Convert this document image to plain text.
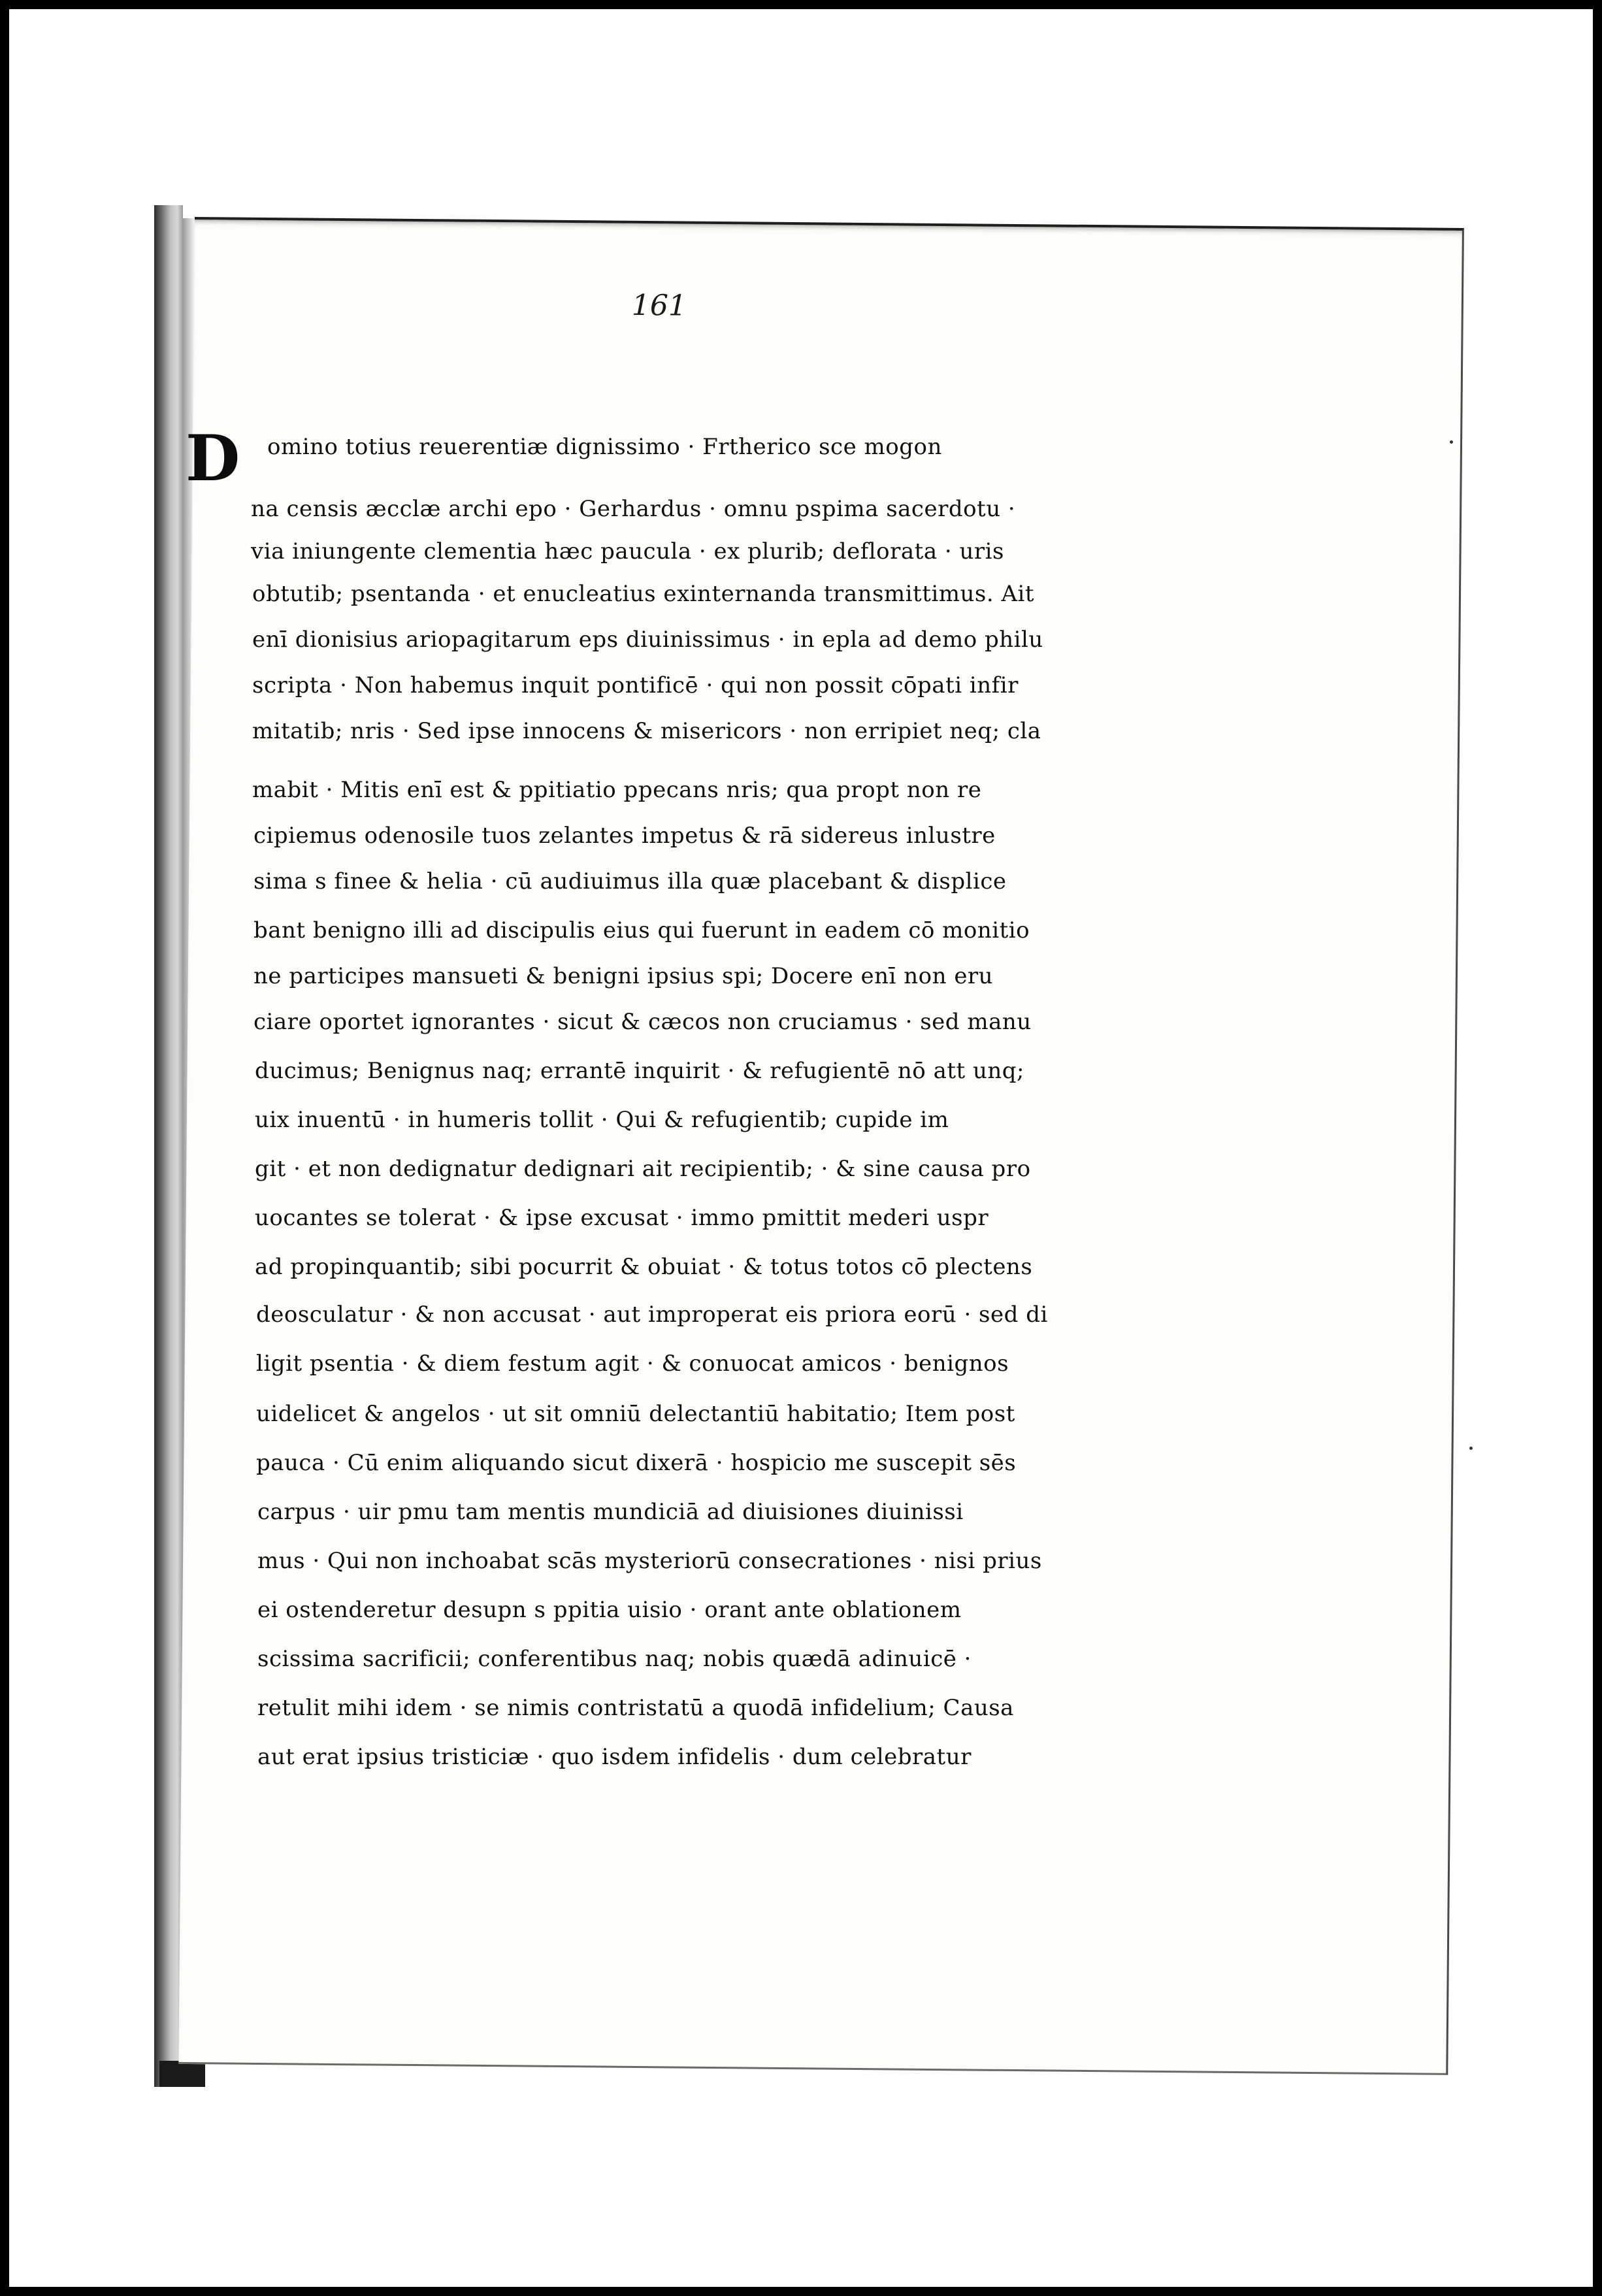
161
D omino totius reuerentiæ dignissimo · Frtherico sce mogon
na censis æcclæ archi epo · Gerhardus · omnu pspima sacerdotu ·
via iniungente clementia hæc paucula · ex plurib; deflorata · uris
obtutib; psentanda · et enucleatius exinternanda transmittimus. Ait
enī dionisius ariopagitarum eps diuinissimus · in epla ad demo philu
scripta · Non habemus inquit pontificē · qui non possit cōpati infir
mitatib; nris · Sed ipse innocens & misericors · non erripiet neq; cla
mabit · Mitis enī est & ppitiatio ppecans nris; qua propt non re
cipiemus odenosile tuos zelantes impetus & rā sidereus inlustre
sima s finee & helia · cū audiuimus illa quæ placebant & displice
bant benigno illi ad discipulis eius qui fuerunt in eadem cō monitio
ne participes mansueti & benigni ipsius spi; Docere enī non eru
ciare oportet ignorantes · sicut & cæcos non cruciamus · sed manu
ducimus; Benignus naq; errantē inquirit · & refugientē nō att unq;
uix inuentū · in humeris tollit · Qui & refugientib; cupide im
git · et non dedignatur dedignari ait recipientib; · & sine causa pro
uocantes se tolerat · & ipse excusat · immo pmittit mederi uspr
ad propinquantib; sibi pocurrit & obuiat · & totus totos cō plectens
deosculatur · & non accusat · aut improperat eis priora eorū · sed di
ligit psentia · & diem festum agit · & conuocat amicos · benignos
uidelicet & angelos · ut sit omniū delectantiū habitatio; Item post
pauca · Cū enim aliquando sicut dixerā · hospicio me suscepit sēs
carpus · uir pmu tam mentis mundiciā ad diuisiones diuinissi
mus · Qui non inchoabat scās mysteriorū consecrationes · nisi prius
ei ostenderetur desupn s ppitia uisio · orant ante oblationem
scissima sacrificii; conferentibus naq; nobis quædā adinuicē ·
retulit mihi idem · se nimis contristatū a quodā infidelium; Causa
aut erat ipsius tristiciæ · quo isdem infidelis · dum celebratur
